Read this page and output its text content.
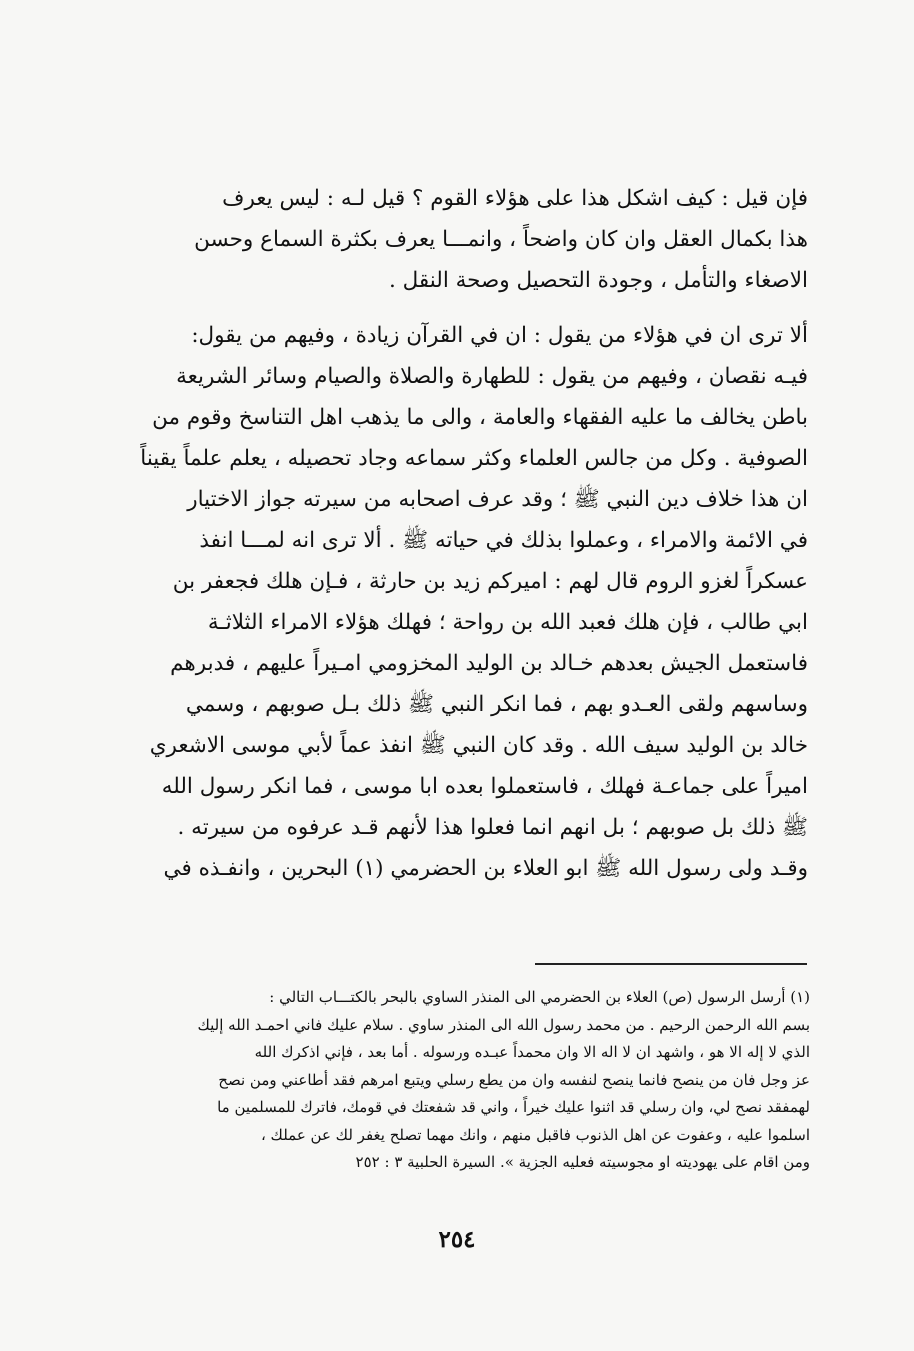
فإن قيل : كيف اشكل هذا على هؤلاء القوم ؟ قيل لـه : ليس يعرف
هذا بكمال العقل وان كان واضحاً ، وانمـــا يعرف بكثرة السماع وحسن
الاصغاء والتأمل ، وجودة التحصيل وصحة النقل .

ألا ترى ان في هؤلاء من يقول : ان في القرآن زيادة ، وفيهم من يقول:
فيـه نقصان ، وفيهم من يقول : للطهارة والصلاة والصيام وسائر الشريعة
باطن يخالف ما عليه الفقهاء والعامة ، والى ما يذهب اهل التناسخ وقوم من
الصوفية . وكل من جالس العلماء وكثر سماعه وجاد تحصيله ، يعلم علماً يقيناً
ان هذا خلاف دين النبي ﷺ ؛ وقد عرف اصحابه من سيرته جواز الاختيار
في الائمة والامراء ، وعملوا بذلك في حياته ﷺ . ألا ترى انه لمـــا انفذ
عسكراً لغزو الروم قال لهم : اميركم زيد بن حارثة ، فـإن هلك فجعفر بن
ابي طالب ، فإن هلك فعبد الله بن رواحة ؛ فهلك هؤلاء الامراء الثلاثـة
فاستعمل الجيش بعدهم خـالد بن الوليد المخزومي امـيراً عليهم ، فدبرهم
وساسهم ولقى العـدو بهم ، فما انكر النبي ﷺ ذلك بـل صوبهم ، وسمي
خالد بن الوليد سيف الله . وقد كان النبي ﷺ انفذ عماً لأبي موسى الاشعري
اميراً على جماعـة فهلك ، فاستعملوا بعده ابا موسى ، فما انكر رسول الله
ﷺ ذلك بل صوبهم ؛ بل انهم انما فعلوا هذا لأنهم قـد عرفوه من سيرته .
وقـد ولى رسول الله ﷺ ابو العلاء بن الحضرمي (١) البحرين ، وانفـذه في

(١) أرسل الرسول (ص) العلاء بن الحضرمي الى المنذر الساوي بالبحر بالكتـــاب التالي :
بسم الله الرحمن الرحيم . من محمد رسول الله الى المنذر ساوي . سلام عليك فاني احمـد الله إليك
الذي لا إله الا هو ، واشهد ان لا اله الا وان محمداً عبـده ورسوله . أما بعد ، فإني اذكرك الله
عز وجل فان من ينصح فانما ينصح لنفسه وان من يطع رسلي ويتبع امرهم فقد أطاعني ومن نصح
لهمفقد نصح لي، وان رسلي قد اثنوا عليك خيراً ، واني قد شفعتك في قومك، فاترك للمسلمين ما
اسلموا عليه ، وعفوت عن اهل الذنوب فاقبل منهم ، وانك مهما تصلح يغفر لك عن عملك ،
ومن اقام على يهوديته او مجوسيته فعليه الجزية ». السيرة الحلبية ٣ : ٢٥٢

٢٥٤
